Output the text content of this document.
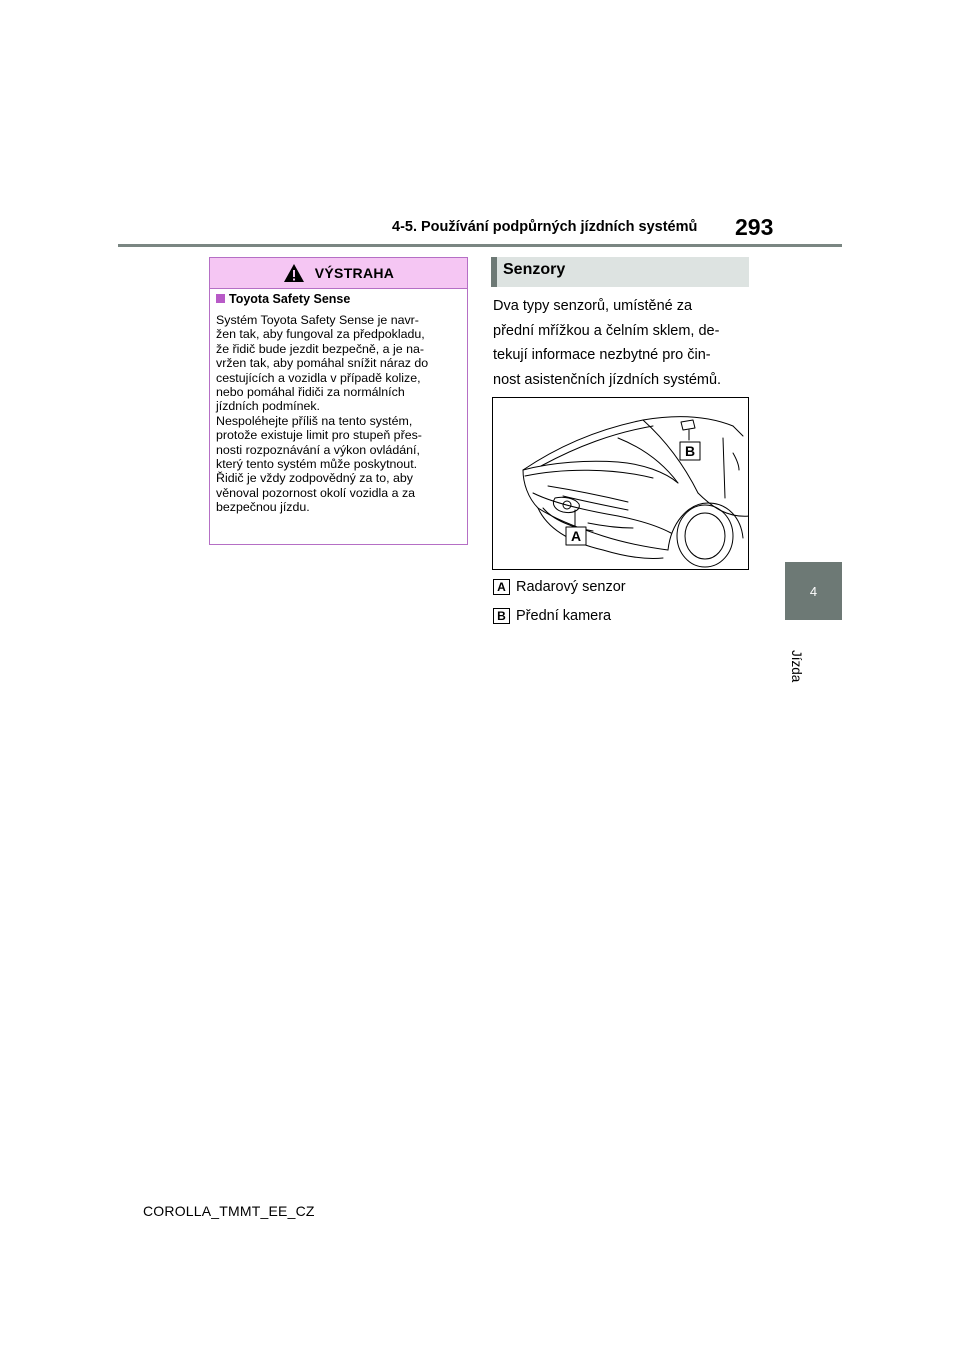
4-5. Používání podpůrných jízdních systémů 293
4
Jízda
VÝSTRAHA
Toyota Safety Sense
Systém Toyota Safety Sense je navr-
žen tak, aby fungoval za předpokladu,
že řidič bude jezdit bezpečně, a je na-
vržen tak, aby pomáhal snížit náraz do
cestujících a vozidla v případě kolize,
nebo pomáhal řidiči za normálních
jízdních podmínek.
Nespoléhejte příliš na tento systém,
protože existuje limit pro stupeň přes-
nosti rozpoznávání a výkon ovládání,
který tento systém může poskytnout.
Řidič je vždy zodpovědný za to, aby
věnoval pozornost okolí vozidla a za
bezpečnou jízdu.
Senzory
Dva typy senzorů, umístěné za
přední mřížkou a čelním sklem, de-
tekují informace nezbytné pro čin-
nost asistenčních jízdních systémů.
B
A
A Radarový senzor
B Přední kamera
COROLLA_TMMT_EE_CZ
